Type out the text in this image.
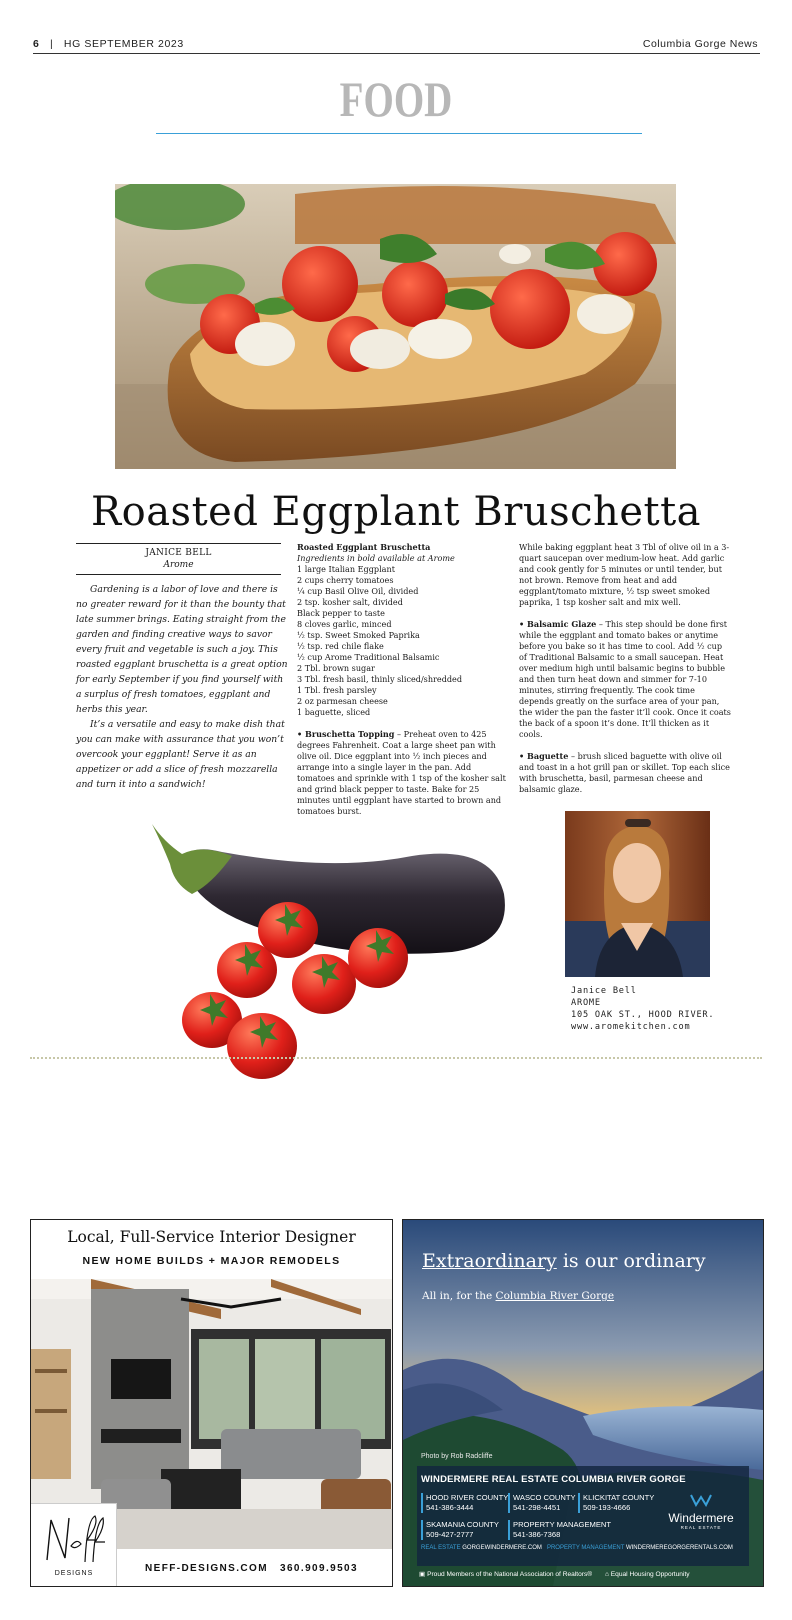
6 | HG SEPTEMBER 2023	Columbia Gorge News
FOOD
Roasted Eggplant Bruschetta
JANICE BELL
Arome

Gardening is a labor of love and there is no greater reward for it than the bounty that late summer brings. Eating straight from the garden and finding creative ways to savor every fruit and vegetable is such a joy. This roasted eggplant bruschetta is a great option for early September if you find yourself with a surplus of fresh tomatoes, eggplant and herbs this year.

It’s a versatile and easy to make dish that you can make with assurance that you won’t overcook your eggplant! Serve it as an appetizer or add a slice of fresh mozzarella and turn it into a sandwich!

Roasted Eggplant Bruschetta
Ingredients in bold available at Arome
1 large Italian Eggplant
2 cups cherry tomatoes
¼ cup Basil Olive Oil, divided
2 tsp. kosher salt, divided
Black pepper to taste
8 cloves garlic, minced
½ tsp. Sweet Smoked Paprika
½ tsp. red chile flake
½ cup Arome Traditional Balsamic
2 Tbl. brown sugar
3 Tbl. fresh basil, thinly sliced/shredded
1 Tbl. fresh parsley
2 oz parmesan cheese
1 baguette, sliced
• Bruschetta Topping – Preheat oven to 425 degrees Fahrenheit. Coat a large sheet pan with olive oil. Dice eggplant into ½ inch pieces and arrange into a single layer in the pan. Add tomatoes and sprinkle with 1 tsp of the kosher salt and grind black pepper to taste. Bake for 25 minutes until eggplant have started to brown and tomatoes burst.
While baking eggplant heat 3 Tbl of olive oil in a 3-quart saucepan over medium-low heat. Add garlic and cook gently for 5 minutes or until tender, but not brown. Remove from heat and add eggplant/tomato mixture, ½ tsp sweet smoked paprika, 1 tsp kosher salt and mix well.
• Balsamic Glaze – This step should be done first while the eggplant and tomato bakes or anytime before you bake so it has time to cool. Add ½ cup of Traditional Balsamic to a small saucepan. Heat over medium high until balsamic begins to bubble and then turn heat down and simmer for 7-10 minutes, stirring frequently. The cook time depends greatly on the surface area of your pan, the wider the pan the faster it’ll cook. Once it coats the back of a spoon it’s done. It’ll thicken as it cools.
• Baguette – brush sliced baguette with olive oil and toast in a hot grill pan or skillet. Top each slice with bruschetta, basil, parmesan cheese and balsamic glaze.
Janice Bell
AROME
105 OAK ST., HOOD RIVER.
www.aromekitchen.com
Local, Full-Service Interior Designer
NEW HOME BUILDS + MAJOR REMODELS
DESIGNS	NEFF-DESIGNS.COM 360.909.9503
Extraordinary is our ordinary
All in, for the Columbia River Gorge
Photo by Rob Radcliffe
WINDERMERE REAL ESTATE COLUMBIA RIVER GORGE
HOOD RIVER COUNTY
541-386-3444
WASCO COUNTY
541-298-4451
KLICKITAT COUNTY
509-193-4666
SKAMANIA COUNTY
509-427-2777
PROPERTY MANAGEMENT
541-386-7368
REAL ESTATE GORGEWINDERMERE.COM PROPERTY MANAGEMENT WINDERMEREGORGERENTALS.COM
Windermere
REAL ESTATE
▣ Proud Members of the National Association of Realtors® ⌂ Equal Housing Opportunity
